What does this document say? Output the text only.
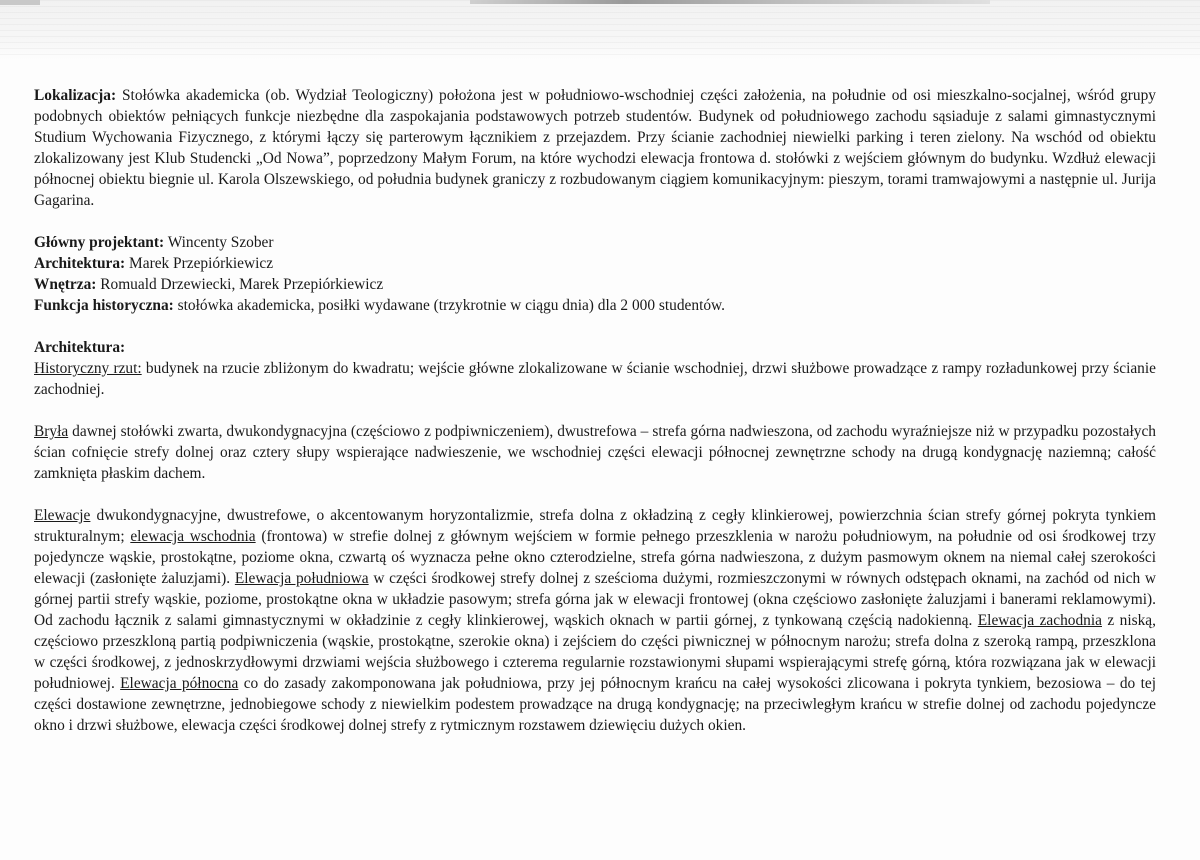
Lokalizacja: Stołówka akademicka (ob. Wydział Teologiczny) położona jest w południowo-wschodniej części założenia, na południe od osi mieszkalno-socjalnej, wśród grupy podobnych obiektów pełniących funkcje niezbędne dla zaspokajania podstawowych potrzeb studentów. Budynek od południowego zachodu sąsiaduje z salami gimnastycznymi Studium Wychowania Fizycznego, z którymi łączy się parterowym łącznikiem z przejazdem. Przy ścianie zachodniej niewielki parking i teren zielony. Na wschód od obiektu zlokalizowany jest Klub Studencki „Od Nowa”, poprzedzony Małym Forum, na które wychodzi elewacja frontowa d. stołówki z wejściem głównym do budynku. Wzdłuż elewacji północnej obiektu biegnie ul. Karola Olszewskiego, od południa budynek graniczy z rozbudowanym ciągiem komunikacyjnym: pieszym, torami tramwajowymi a następnie ul. Jurija Gagarina.

Główny projektant: Wincenty Szober

Architektura: Marek Przepiórkiewicz

Wnętrza: Romuald Drzewiecki, Marek Przepiórkiewicz

Funkcja historyczna: stołówka akademicka, posiłki wydawane (trzykrotnie w ciągu dnia) dla 2 000 studentów.

Architektura:

Historyczny rzut: budynek na rzucie zbliżonym do kwadratu; wejście główne zlokalizowane w ścianie wschodniej, drzwi służbowe prowadzące z rampy rozładunkowej przy ścianie zachodniej.

Bryła dawnej stołówki zwarta, dwukondygnacyjna (częściowo z podpiwniczeniem), dwustrefowa – strefa górna nadwieszona, od zachodu wyraźniejsze niż w przypadku pozostałych ścian cofnięcie strefy dolnej oraz cztery słupy wspierające nadwieszenie, we wschodniej części elewacji północnej zewnętrzne schody na drugą kondygnację naziemną; całość zamknięta płaskim dachem.

Elewacje dwukondygnacyjne, dwustrefowe, o akcentowanym horyzontalizmie, strefa dolna z okładziną z cegły klinkierowej, powierzchnia ścian strefy górnej pokryta tynkiem strukturalnym; elewacja wschodnia (frontowa) w strefie dolnej z głównym wejściem w formie pełnego przeszklenia w narożu południowym, na południe od osi środkowej trzy pojedyncze wąskie, prostokątne, poziome okna, czwartą oś wyznacza pełne okno czterodzielne, strefa górna nadwieszona, z dużym pasmowym oknem na niemal całej szerokości elewacji (zasłonięte żaluzjami). Elewacja południowa w części środkowej strefy dolnej z sześcioma dużymi, rozmieszczonymi w równych odstępach oknami, na zachód od nich w górnej partii strefy wąskie, poziome, prostokątne okna w układzie pasowym; strefa górna jak w elewacji frontowej (okna częściowo zasłonięte żaluzjami i banerami reklamowymi). Od zachodu łącznik z salami gimnastycznymi w okładzinie z cegły klinkierowej, wąskich oknach w partii górnej, z tynkowaną częścią nadokienną. Elewacja zachodnia z niską, częściowo przeszkloną partią podpiwniczenia (wąskie, prostokątne, szerokie okna) i zejściem do części piwnicznej w północnym narożu; strefa dolna z szeroką rampą, przeszklona w części środkowej, z jednoskrzydłowymi drzwiami wejścia służbowego i czterema regularnie rozstawionymi słupami wspierającymi strefę górną, która rozwiązana jak w elewacji południowej. Elewacja północna co do zasady zakomponowana jak południowa, przy jej północnym krańcu na całej wysokości zlicowana i pokryta tynkiem, bezosiowa – do tej części dostawione zewnętrzne, jednobiegowe schody z niewielkim podestem prowadzące na drugą kondygnację; na przeciwległym krańcu w strefie dolnej od zachodu pojedyncze okno i drzwi służbowe, elewacja części środkowej dolnej strefy z rytmicznym rozstawem dziewięciu dużych okien.
